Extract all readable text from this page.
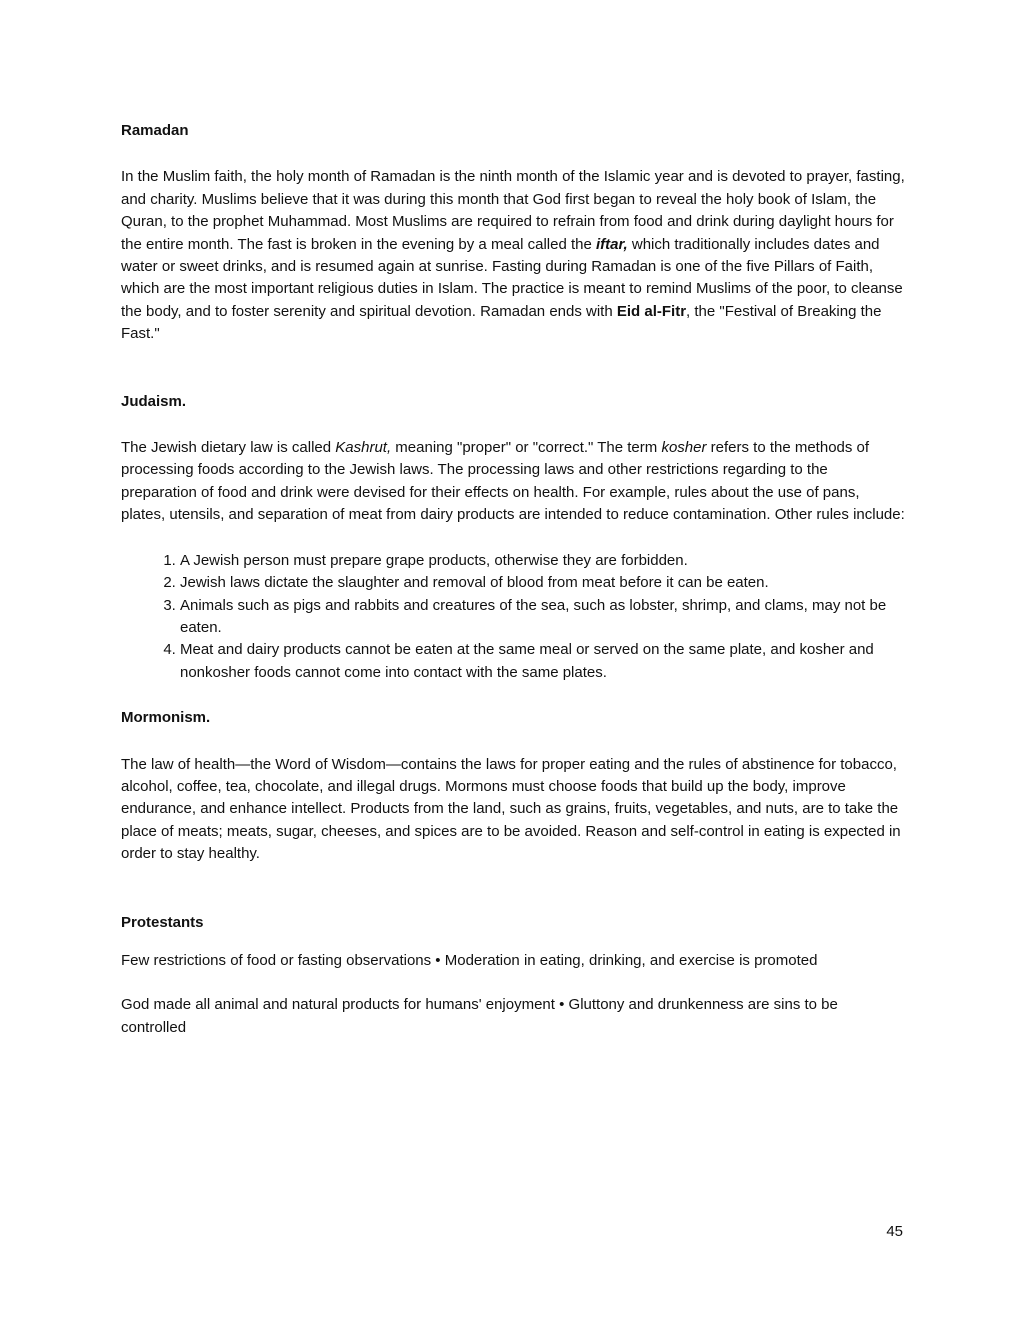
Ramadan

In the Muslim faith, the holy month of Ramadan is the ninth month of the Islamic year and is devoted to prayer, fasting, and charity. Muslims believe that it was during this month that God first began to reveal the holy book of Islam, the Quran, to the prophet Muhammad. Most Muslims are required to refrain from food and drink during daylight hours for the entire month. The fast is broken in the evening by a meal called the iftar, which traditionally includes dates and water or sweet drinks, and is resumed again at sunrise. Fasting during Ramadan is one of the five Pillars of Faith, which are the most important religious duties in Islam. The practice is meant to remind Muslims of the poor, to cleanse the body, and to foster serenity and spiritual devotion. Ramadan ends with Eid al-Fitr, the "Festival of Breaking the Fast."

Judaism.

The Jewish dietary law is called Kashrut, meaning "proper" or "correct." The term kosher refers to the methods of processing foods according to the Jewish laws. The processing laws and other restrictions regarding to the preparation of food and drink were devised for their effects on health. For example, rules about the use of pans, plates, utensils, and separation of meat from dairy products are intended to reduce contamination. Other rules include:

1. A Jewish person must prepare grape products, otherwise they are forbidden.
2. Jewish laws dictate the slaughter and removal of blood from meat before it can be eaten.
3. Animals such as pigs and rabbits and creatures of the sea, such as lobster, shrimp, and clams, may not be eaten.
4. Meat and dairy products cannot be eaten at the same meal or served on the same plate, and kosher and nonkosher foods cannot come into contact with the same plates.

Mormonism.

The law of health—the Word of Wisdom—contains the laws for proper eating and the rules of abstinence for tobacco, alcohol, coffee, tea, chocolate, and illegal drugs. Mormons must choose foods that build up the body, improve endurance, and enhance intellect. Products from the land, such as grains, fruits, vegetables, and nuts, are to take the place of meats; meats, sugar, cheeses, and spices are to be avoided. Reason and self-control in eating is expected in order to stay healthy.

Protestants

Few restrictions of food or fasting observations • Moderation in eating, drinking, and exercise is promoted

God made all animal and natural products for humans' enjoyment • Gluttony and drunkenness are sins to be controlled

45
